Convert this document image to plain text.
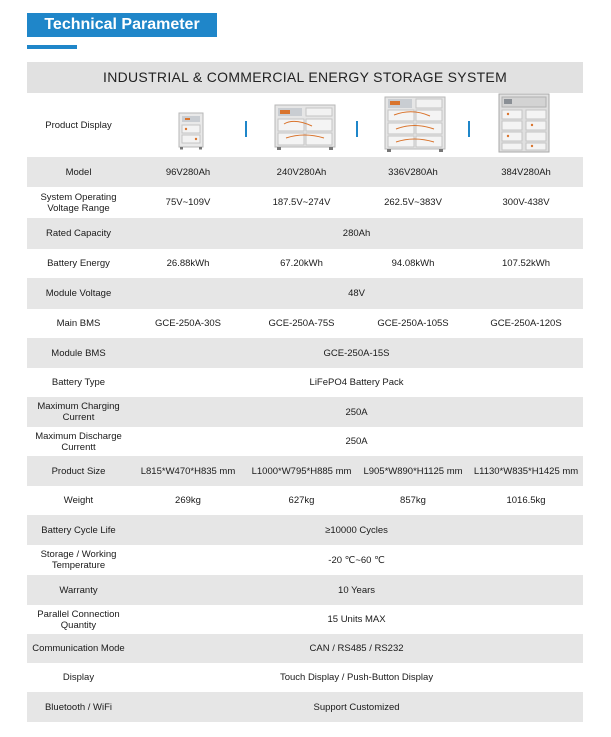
Technical Parameter
INDUSTRIAL & COMMERCIAL ENERGY STORAGE SYSTEM				
Product Display	

Model	96V280Ah	240V280Ah	336V280Ah	384V280Ah
System Operating Voltage Range	75V~109V	187.5V~274V	262.5V~383V	300V-438V
Rated Capacity	280Ah			
Battery Energy	26.88kWh	67.20kWh	94.08kWh	107.52kWh
Module Voltage	48V			
Main BMS	GCE-250A-30S	GCE-250A-75S	GCE-250A-105S	GCE-250A-120S
Module BMS	GCE-250A-15S			
Battery Type	LiFePO4 Battery Pack			
Maximum Charging Current	250A			
Maximum Discharge Currentt	250A			
Product Size	L815*W470*H835 mm	L1000*W795*H885 mm	L905*W890*H1125 mm	L1130*W835*H1425 mm
Weight	269kg	627kg	857kg	1016.5kg
Battery Cycle Life	≥10000 Cycles			
Storage / Working Temperature	-20 ℃~60 ℃			
Warranty	10 Years			
Parallel Connection Quantity	15 Units MAX			
Communication Mode	CAN / RS485 / RS232			
Display	Touch Display / Push-Button Display			
Bluetooth / WiFi	Support Customized			
